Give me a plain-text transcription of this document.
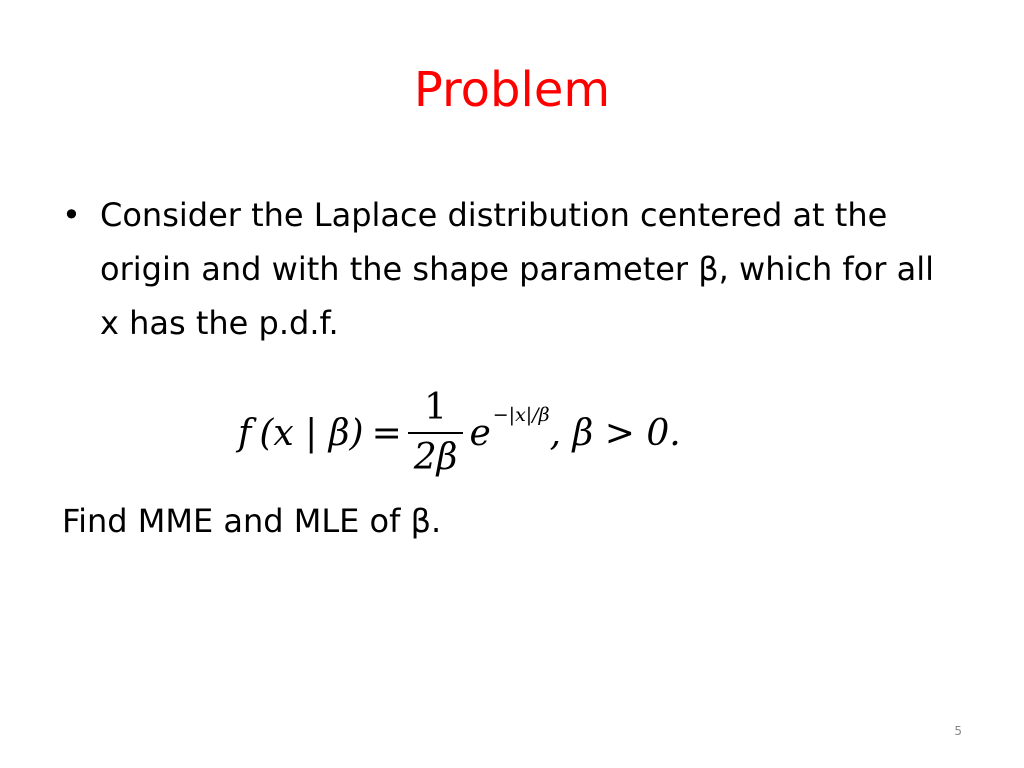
Problem
• Consider the Laplace distribution centered at the origin and with the shape parameter β, which for all x has the p.d.f.
f (x | $\beta) = \frac{1}{2\beta}$ e −|x|/β , β > 0.
Find MME and MLE of β.
5
